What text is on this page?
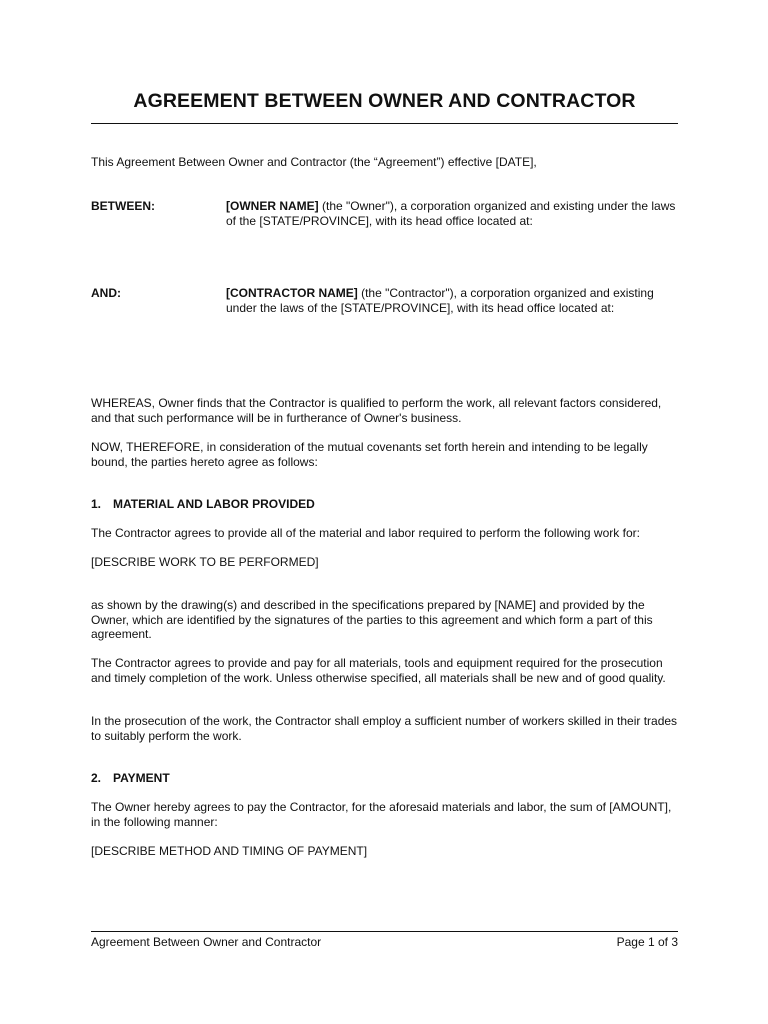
AGREEMENT BETWEEN OWNER AND CONTRACTOR
This Agreement Between Owner and Contractor (the “Agreement”) effective [DATE],
BETWEEN:	[OWNER NAME] (the "Owner"), a corporation organized and existing under the laws of the [STATE/PROVINCE], with its head office located at:
AND:	[CONTRACTOR NAME] (the "Contractor"), a corporation organized and existing under the laws of the [STATE/PROVINCE], with its head office located at:
WHEREAS, Owner finds that the Contractor is qualified to perform the work, all relevant factors considered, and that such performance will be in furtherance of Owner's business.
NOW, THEREFORE, in consideration of the mutual covenants set forth herein and intending to be legally bound, the parties hereto agree as follows:
1. MATERIAL AND LABOR PROVIDED
The Contractor agrees to provide all of the material and labor required to perform the following work for:
[DESCRIBE WORK TO BE PERFORMED]
as shown by the drawing(s) and described in the specifications prepared by [NAME] and provided by the Owner, which are identified by the signatures of the parties to this agreement and which form a part of this agreement.
The Contractor agrees to provide and pay for all materials, tools and equipment required for the prosecution and timely completion of the work. Unless otherwise specified, all materials shall be new and of good quality.
In the prosecution of the work, the Contractor shall employ a sufficient number of workers skilled in their trades to suitably perform the work.
2. PAYMENT
The Owner hereby agrees to pay the Contractor, for the aforesaid materials and labor, the sum of [AMOUNT], in the following manner:
[DESCRIBE METHOD AND TIMING OF PAYMENT]
Agreement Between Owner and Contractor	Page 1 of 3
